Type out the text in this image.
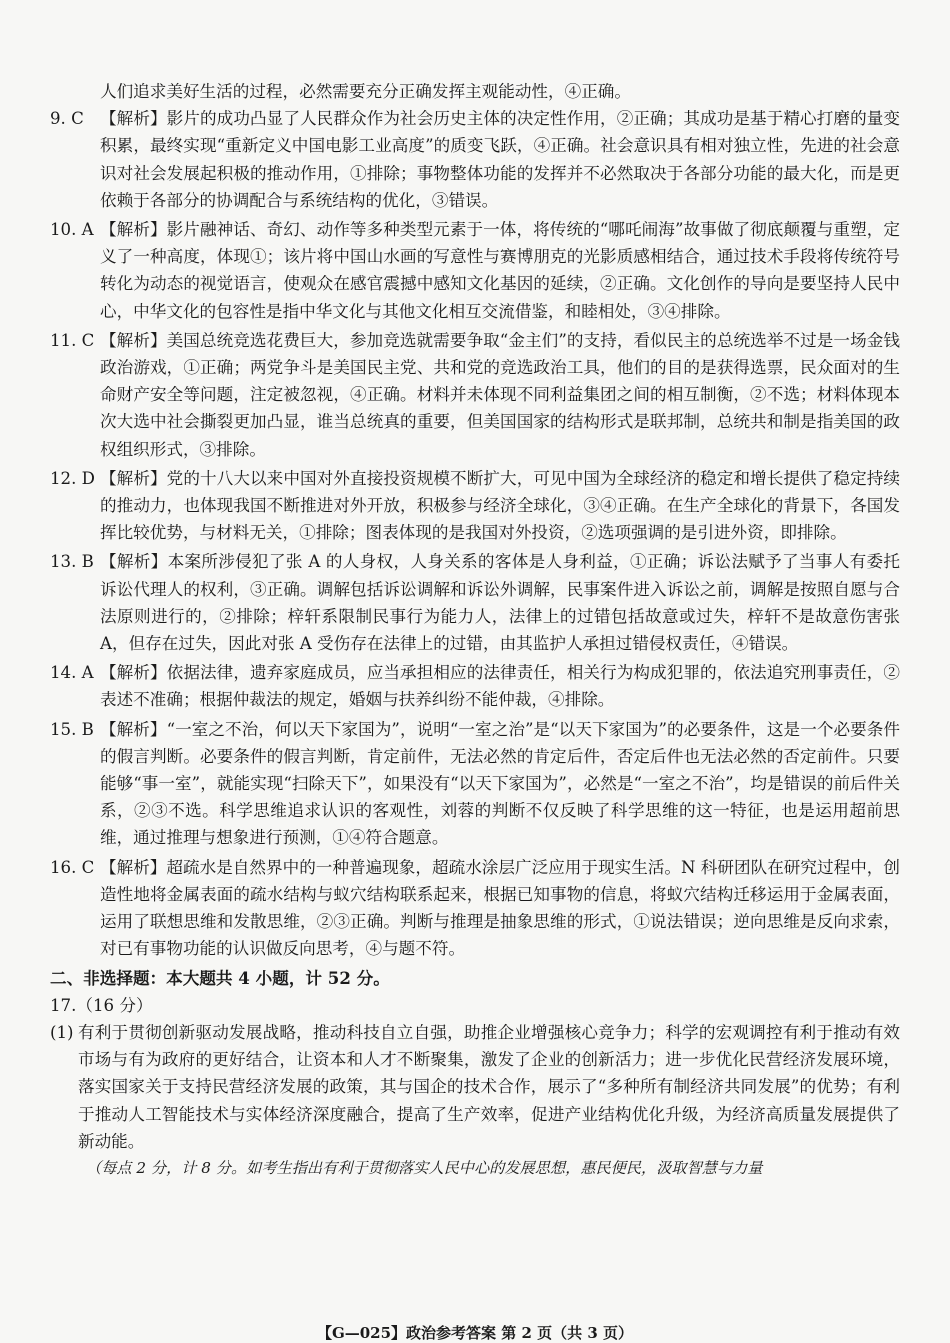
人们追求美好生活的过程，必然需要充分正确发挥主观能动性，④正确。

9. C 【解析】影片的成功凸显了人民群众作为社会历史主体的决定性作用，②正确；其成功是基于精心打磨的量变积累，最终实现“重新定义中国电影工业高度”的质变飞跃，④正确。社会意识具有相对独立性，先进的社会意识对社会发展起积极的推动作用，①排除；事物整体功能的发挥并不必然取决于各部分功能的最大化，而是更依赖于各部分的协调配合与系统结构的优化，③错误。
10. A 【解析】影片融神话、奇幻、动作等多种类型元素于一体，将传统的“哪吒闹海”故事做了彻底颠覆与重塑，定义了一种高度，体现①；该片将中国山水画的写意性与赛博朋克的光影质感相结合，通过技术手段将传统符号转化为动态的视觉语言，使观众在感官震撼中感知文化基因的延续，②正确。文化创作的导向是要坚持人民中心，中华文化的包容性是指中华文化与其他文化相互交流借鉴，和睦相处，③④排除。
11. C 【解析】美国总统竞选花费巨大，参加竞选就需要争取“金主们”的支持，看似民主的总统选举不过是一场金钱政治游戏，①正确；两党争斗是美国民主党、共和党的竞选政治工具，他们的目的是获得选票，民众面对的生命财产安全等问题，注定被忽视，④正确。材料并未体现不同利益集团之间的相互制衡，②不选；材料体现本次大选中社会撕裂更加凸显，谁当总统真的重要，但美国国家的结构形式是联邦制，总统共和制是指美国的政权组织形式，③排除。
12. D 【解析】党的十八大以来中国对外直接投资规模不断扩大，可见中国为全球经济的稳定和增长提供了稳定持续的推动力，也体现我国不断推进对外开放，积极参与经济全球化，③④正确。在生产全球化的背景下，各国发挥比较优势，与材料无关，①排除；图表体现的是我国对外投资，②选项强调的是引进外资，即排除。
13. B 【解析】本案所涉侵犯了张 A 的人身权，人身关系的客体是人身利益，①正确；诉讼法赋予了当事人有委托诉讼代理人的权利，③正确。调解包括诉讼调解和诉讼外调解，民事案件进入诉讼之前，调解是按照自愿与合法原则进行的，②排除；梓轩系限制民事行为能力人，法律上的过错包括故意或过失，梓轩不是故意伤害张 A，但存在过失，因此对张 A 受伤存在法律上的过错，由其监护人承担过错侵权责任，④错误。
14. A 【解析】依据法律，遗弃家庭成员，应当承担相应的法律责任，相关行为构成犯罪的，依法追究刑事责任，②表述不准确；根据仲裁法的规定，婚姻与扶养纠纷不能仲裁，④排除。
15. B 【解析】“一室之不治，何以天下家国为”，说明“一室之治”是“以天下家国为”的必要条件，这是一个必要条件的假言判断。必要条件的假言判断，肯定前件，无法必然的肯定后件，否定后件也无法必然的否定前件。只要能够“事一室”，就能实现“扫除天下”，如果没有“以天下家国为”，必然是“一室之不治”，均是错误的前后件关系，②③不选。科学思维追求认识的客观性，刘蓉的判断不仅反映了科学思维的这一特征，也是运用超前思维，通过推理与想象进行预测，①④符合题意。
16. C 【解析】超疏水是自然界中的一种普遍现象，超疏水涂层广泛应用于现实生活。N 科研团队在研究过程中，创造性地将金属表面的疏水结构与蚁穴结构联系起来，根据已知事物的信息，将蚁穴结构迁移运用于金属表面，运用了联想思维和发散思维，②③正确。判断与推理是抽象思维的形式，①说法错误；逆向思维是反向求索，对已有事物功能的认识做反向思考，④与题不符。
二、非选择题：本大题共 4 小题，计 52 分。
17.（16 分）
(1) 有利于贯彻创新驱动发展战略，推动科技自立自强，助推企业增强核心竞争力；科学的宏观调控有利于推动有效市场与有为政府的更好结合，让资本和人才不断聚集，激发了企业的创新活力；进一步优化民营经济发展环境，落实国家关于支持民营经济发展的政策，其与国企的技术合作，展示了“多种所有制经济共同发展”的优势；有利于推动人工智能技术与实体经济深度融合，提高了生产效率，促进产业结构优化升级，为经济高质量发展提供了新动能。
（每点 2 分，计 8 分。如考生指出有利于贯彻落实人民中心的发展思想，惠民便民，汲取智慧与力量
【G—025】政治参考答案 第 2 页（共 3 页）
